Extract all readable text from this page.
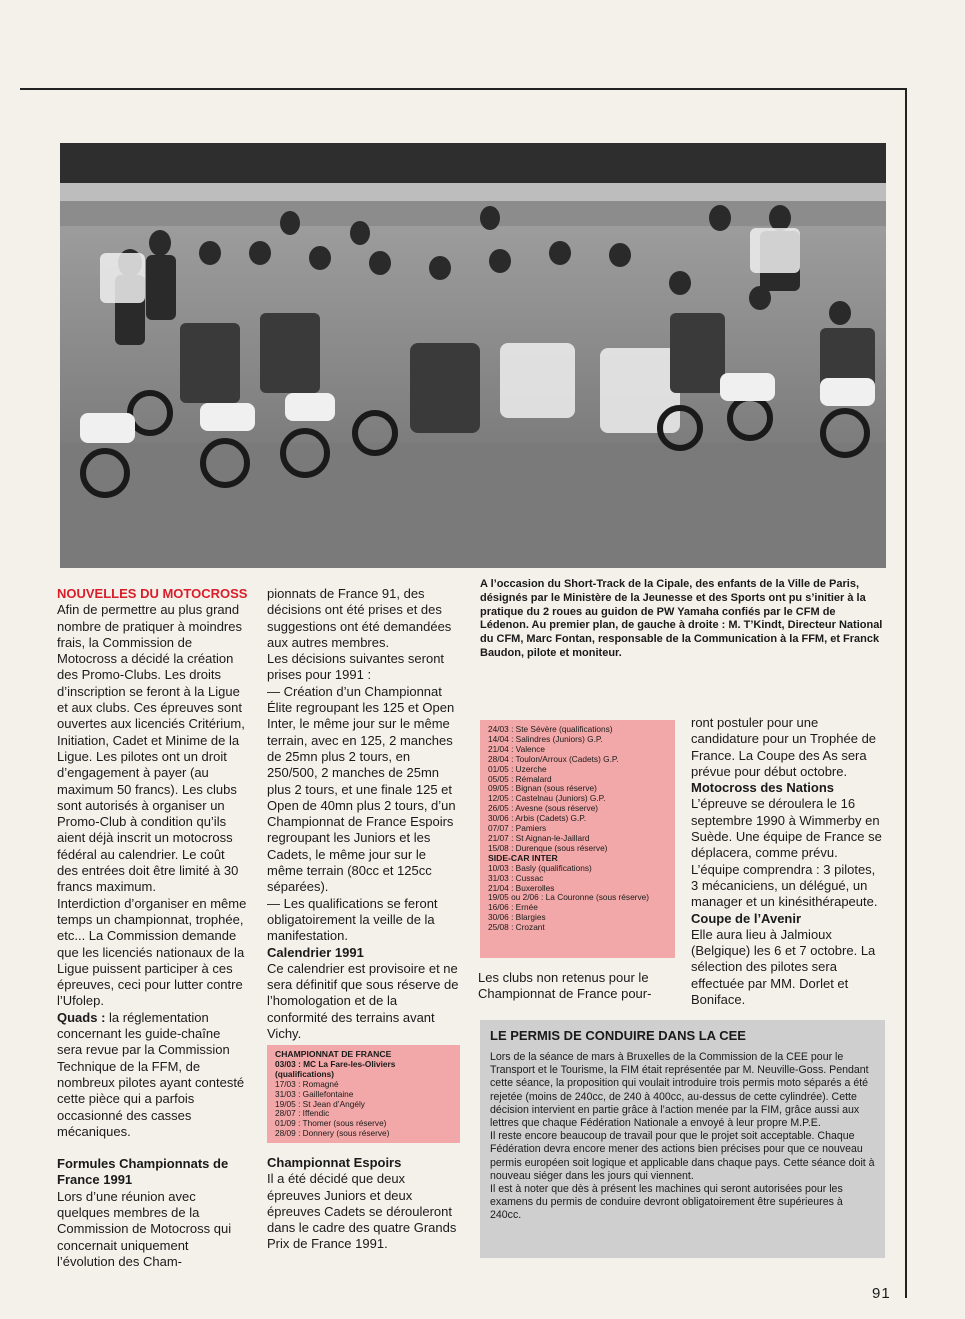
A l’occasion du Short-Track de la Cipale, des enfants de la Ville de Paris, désignés par le Ministère de la Jeunesse et des Sports ont pu s’initier à la pratique du 2 roues au guidon de PW Yamaha confiés par le CFM de Lédenon. Au premier plan, de gauche à droite : M. T’Kindt, Directeur National du CFM, Marc Fontan, responsable de la Communication à la FFM, et Franck Baudon, pilote et moniteur.

NOUVELLES DU MOTOCROSS

Afin de permettre au plus grand nombre de pratiquer à moindres frais, la Commission de Motocross a décidé la création des Promo-Clubs. Les droits d’inscription se feront à la Ligue et aux clubs. Ces épreuves sont ouvertes aux licenciés Critérium, Initiation, Cadet et Minime de la Ligue. Les pilotes ont un droit d’engagement à payer (au maximum 50 francs). Les clubs sont autorisés à organiser un Promo-Club à condition qu’ils aient déjà inscrit un motocross fédéral au calendrier. Le coût des entrées doit être limité à 30 francs maximum.

Interdiction d’organiser en même temps un championnat, trophée, etc... La Commission demande que les licenciés nationaux de la Ligue puissent participer à ces épreuves, ceci pour lutter contre l’Ufolep.

Quads : la réglementation concernant les guide-chaîne sera revue par la Commission Technique de la FFM, de nombreux pilotes ayant contesté cette pièce qui a parfois occasionné des casses mécaniques.

Formules Championnats de France 1991

Lors d’une réunion avec quelques membres de la Commission de Motocross qui concernait uniquement l’évolution des Cham-

pionnats de France 91, des décisions ont été prises et des suggestions ont été demandées aux autres membres.

Les décisions suivantes seront prises pour 1991 :

— Création d’un Championnat Élite regroupant les 125 et Open Inter, le même jour sur le même terrain, avec en 125, 2 manches de 25mn plus 2 tours, en 250/500, 2 manches de 25mn plus 2 tours, et une finale 125 et Open de 40mn plus 2 tours, d’un Championnat de France Espoirs regroupant les Juniors et les Cadets, le même jour sur le même terrain (80cc et 125cc séparées).

— Les qualifications se feront obligatoirement la veille de la manifestation.

Calendrier 1991

Ce calendrier est provisoire et ne sera définitif que sous réserve de l’homologation et de la conformité des terrains avant Vichy.

CHAMPIONNAT DE FRANCE
03/03 : MC La Fare-les-Oliviers (qualifications)
17/03 : Romagné
31/03 : Gaillefontaine
19/05 : St Jean d’Angély
28/07 : Iffendic
01/09 : Thomer (sous réserve)
28/09 : Donnery (sous réserve)

Championnat Espoirs

Il a été décidé que deux épreuves Juniors et deux épreuves Cadets se dérouleront dans le cadre des quatre Grands Prix de France 1991.

24/03 : Ste Sévère (qualifications)
14/04 : Salindres (Juniors) G.P.
21/04 : Valence
28/04 : Toulon/Arroux (Cadets) G.P.
01/05 : Uzerche
05/05 : Rémalard
09/05 : Bignan (sous réserve)
12/05 : Castelnau (Juniors) G.P.
26/05 : Avesne (sous réserve)
30/06 : Arbis (Cadets) G.P.
07/07 : Pamiers
21/07 : St Aignan-le-Jaillard
15/08 : Durenque (sous réserve)
SIDE-CAR INTER
10/03 : Basly (qualifications)
31/03 : Cussac
21/04 : Buxerolles
19/05 ou 2/06 : La Couronne (sous réserve)
16/06 : Ernée
30/06 : Blargies
25/08 : Crozant
Les clubs non retenus pour le Championnat de France pour-

ront postuler pour une candidature pour un Trophée de France. La Coupe des As sera prévue pour début octobre.

Motocross des Nations

L’épreuve se déroulera le 16 septembre 1990 à Wimmerby en Suède. Une équipe de France se déplacera, comme prévu.

L’équipe comprendra : 3 pilotes, 3 mécaniciens, un délégué, un manager et un kinésithérapeute.

Coupe de l’Avenir

Elle aura lieu à Jalmioux (Belgique) les 6 et 7 octobre. La sélection des pilotes sera effectuée par MM. Dorlet et Boniface.

LE PERMIS DE CONDUIRE DANS LA CEE
Lors de la séance de mars à Bruxelles de la Commission de la CEE pour le Transport et le Tourisme, la FIM était représentée par M. Neuville-Goss. Pendant cette séance, la proposition qui voulait introduire trois permis moto séparés a été rejetée (moins de 240cc, de 240 à 400cc, au-dessus de cette cylindrée). Cette décision intervient en partie grâce à l’action menée par la FIM, grâce aussi aux lettres que chaque Fédération Nationale a envoyé à leur propre M.P.E.
Il reste encore beaucoup de travail pour que le projet soit acceptable. Chaque Fédération devra encore mener des actions bien précises pour que ce nouveau permis européen soit logique et applicable dans chaque pays. Cette séance doit à nouveau siéger dans les jours qui viennent.
Il est à noter que dès à présent les machines qui seront autorisées pour les examens du permis de conduire devront obligatoirement être supérieures à 240cc.
91
